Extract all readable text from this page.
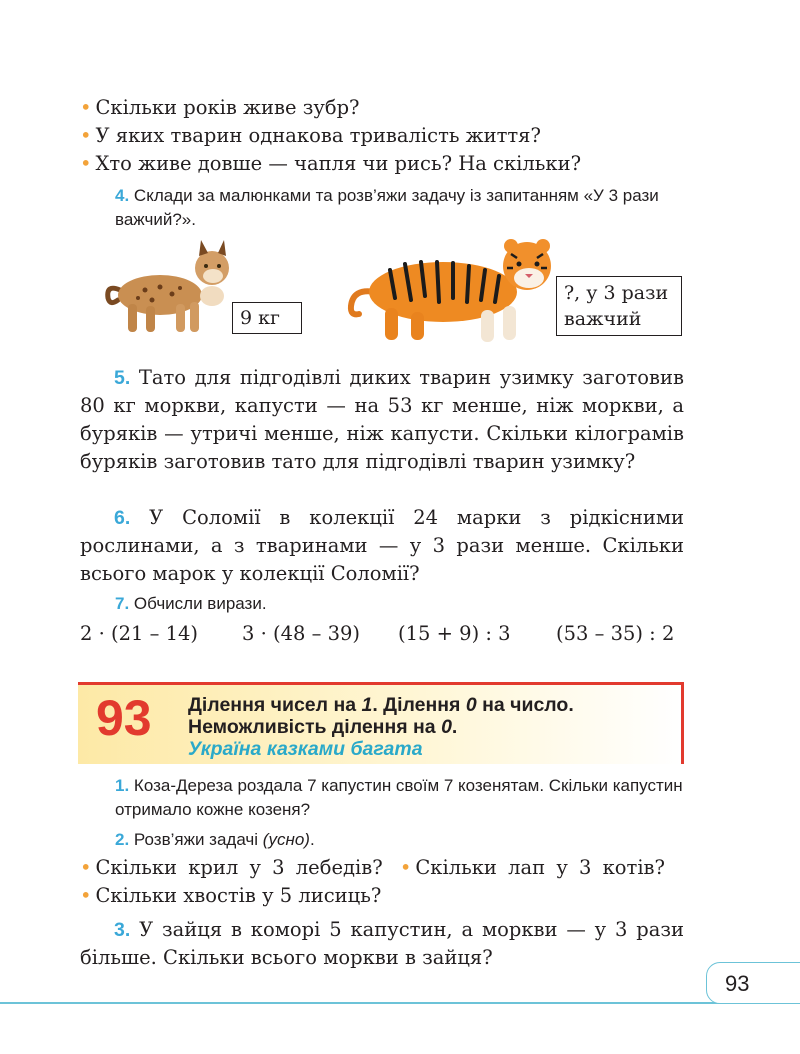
• Скільки років живе зубр?
• У яких тварин однакова тривалість життя?
• Хто живе довше — чапля чи рись? На скільки?

4. Склади за малюнками та розв’яжи задачу із запитанням «У 3 рази важчий?».

9 кг
?, у 3 рази
важчий

5. Тато для підгодівлі диких тварин узимку заготовив 80 кг моркви, капусти — на 53 кг менше, ніж моркви, а буряків — утричі менше, ніж капусти. Скільки кілограмів буряків заготовив тато для підгодівлі тварин узимку?

6. У Соломії в колекції 24 марки з рідкісними рослинами, а з тваринами — у 3 рази менше. Скільки всього марок у колекції Соломії?

7. Обчисли вирази.

2 · (21 – 14) 3 · (48 – 39) (15 + 9) : 3 (53 – 35) : 2
93 Ділення чисел на 1. Ділення 0 на число.
Неможливість ділення на 0.
Україна казками багата

1. Коза-Дереза роздала 7 капустин своїм 7 козенятам. Скільки капустин отримало кожне козеня?

2. Розв’яжи задачі (усно).

• Скільки крил у 3 лебедів? • Скільки лап у 3 котів?
• Скільки хвостів у 5 лисиць?

3. У зайця в коморі 5 капустин, а моркви — у 3 рази більше. Скільки всього моркви в зайця?

93
